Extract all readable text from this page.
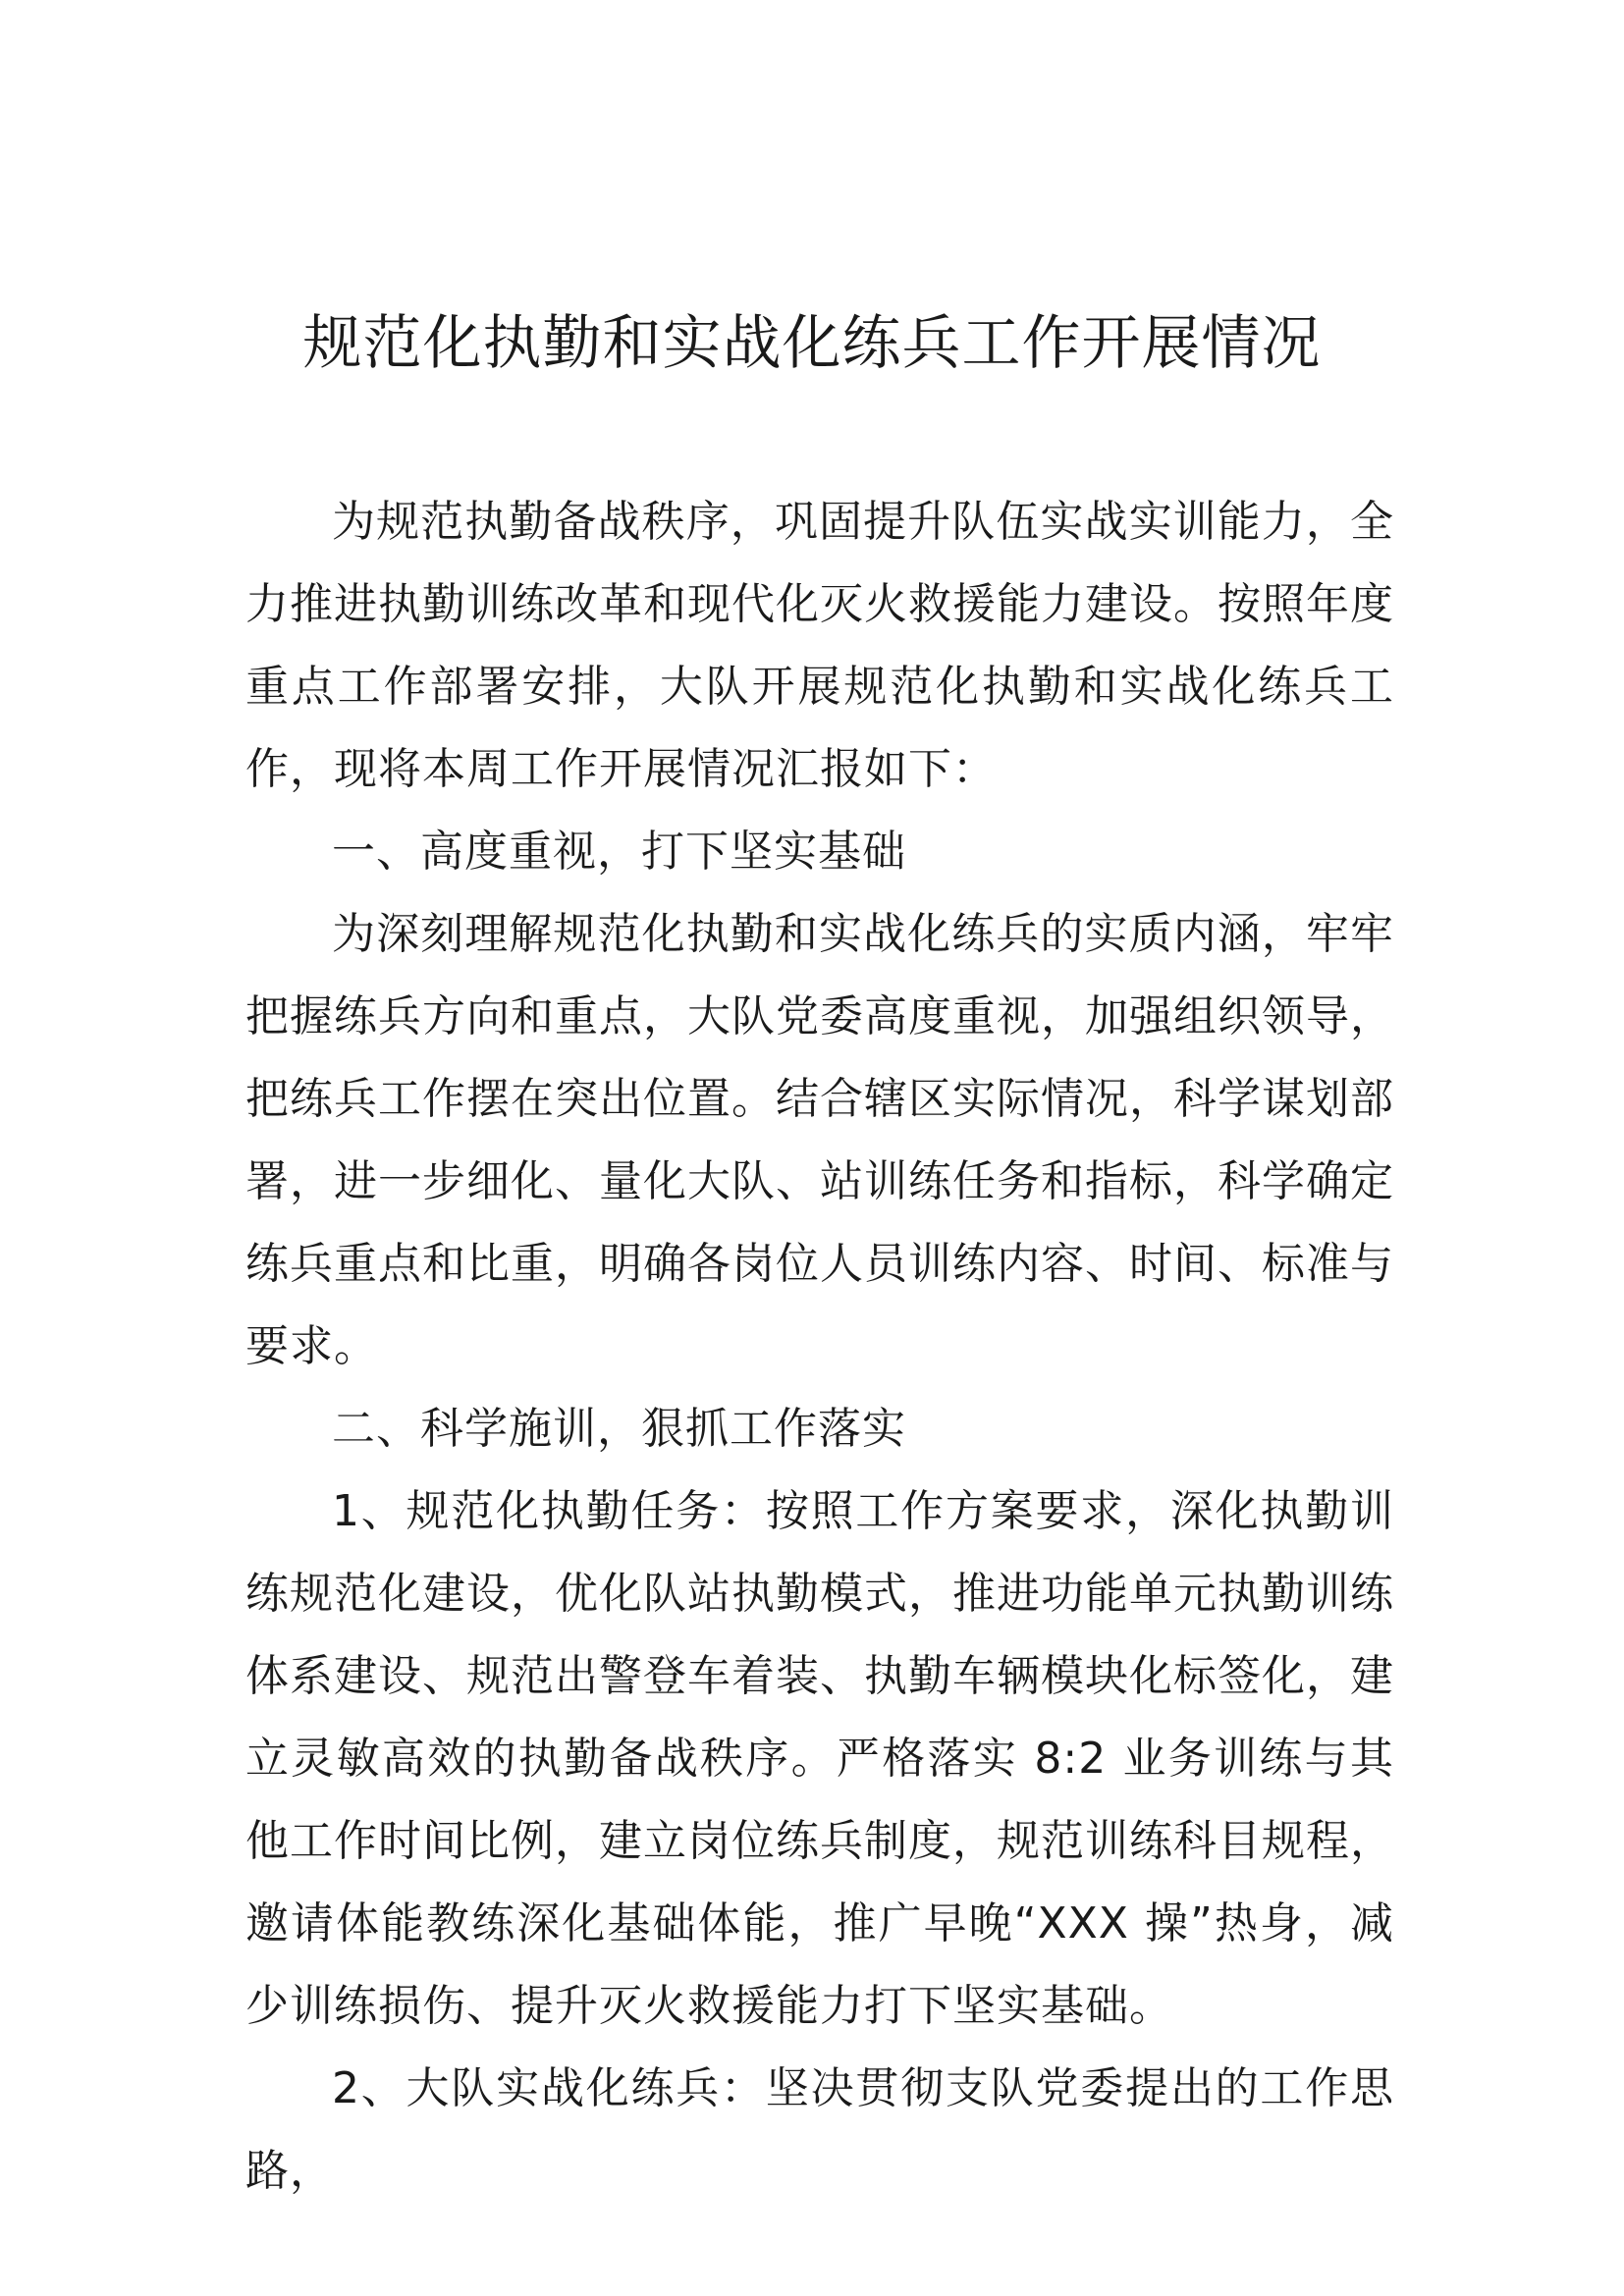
规范化执勤和实战化练兵工作开展情况

为规范执勤备战秩序，巩固提升队伍实战实训能力，全力推进执勤训练改革和现代化灭火救援能力建设。按照年度重点工作部署安排，大队开展规范化执勤和实战化练兵工作，现将本周工作开展情况汇报如下：

一、高度重视，打下坚实基础

为深刻理解规范化执勤和实战化练兵的实质内涵，牢牢把握练兵方向和重点，大队党委高度重视，加强组织领导，把练兵工作摆在突出位置。结合辖区实际情况，科学谋划部署，进一步细化、量化大队、站训练任务和指标，科学确定练兵重点和比重，明确各岗位人员训练内容、时间、标准与要求。

二、科学施训，狠抓工作落实

1、规范化执勤任务：按照工作方案要求，深化执勤训练规范化建设，优化队站执勤模式，推进功能单元执勤训练体系建设、规范出警登车着装、执勤车辆模块化标签化，建立灵敏高效的执勤备战秩序。严格落实 8:2 业务训练与其他工作时间比例，建立岗位练兵制度，规范训练科目规程，邀请体能教练深化基础体能，推广早晚“XXX 操”热身，减少训练损伤、提升灭火救援能力打下坚实基础。

2、大队实战化练兵：坚决贯彻支队党委提出的工作思路，
